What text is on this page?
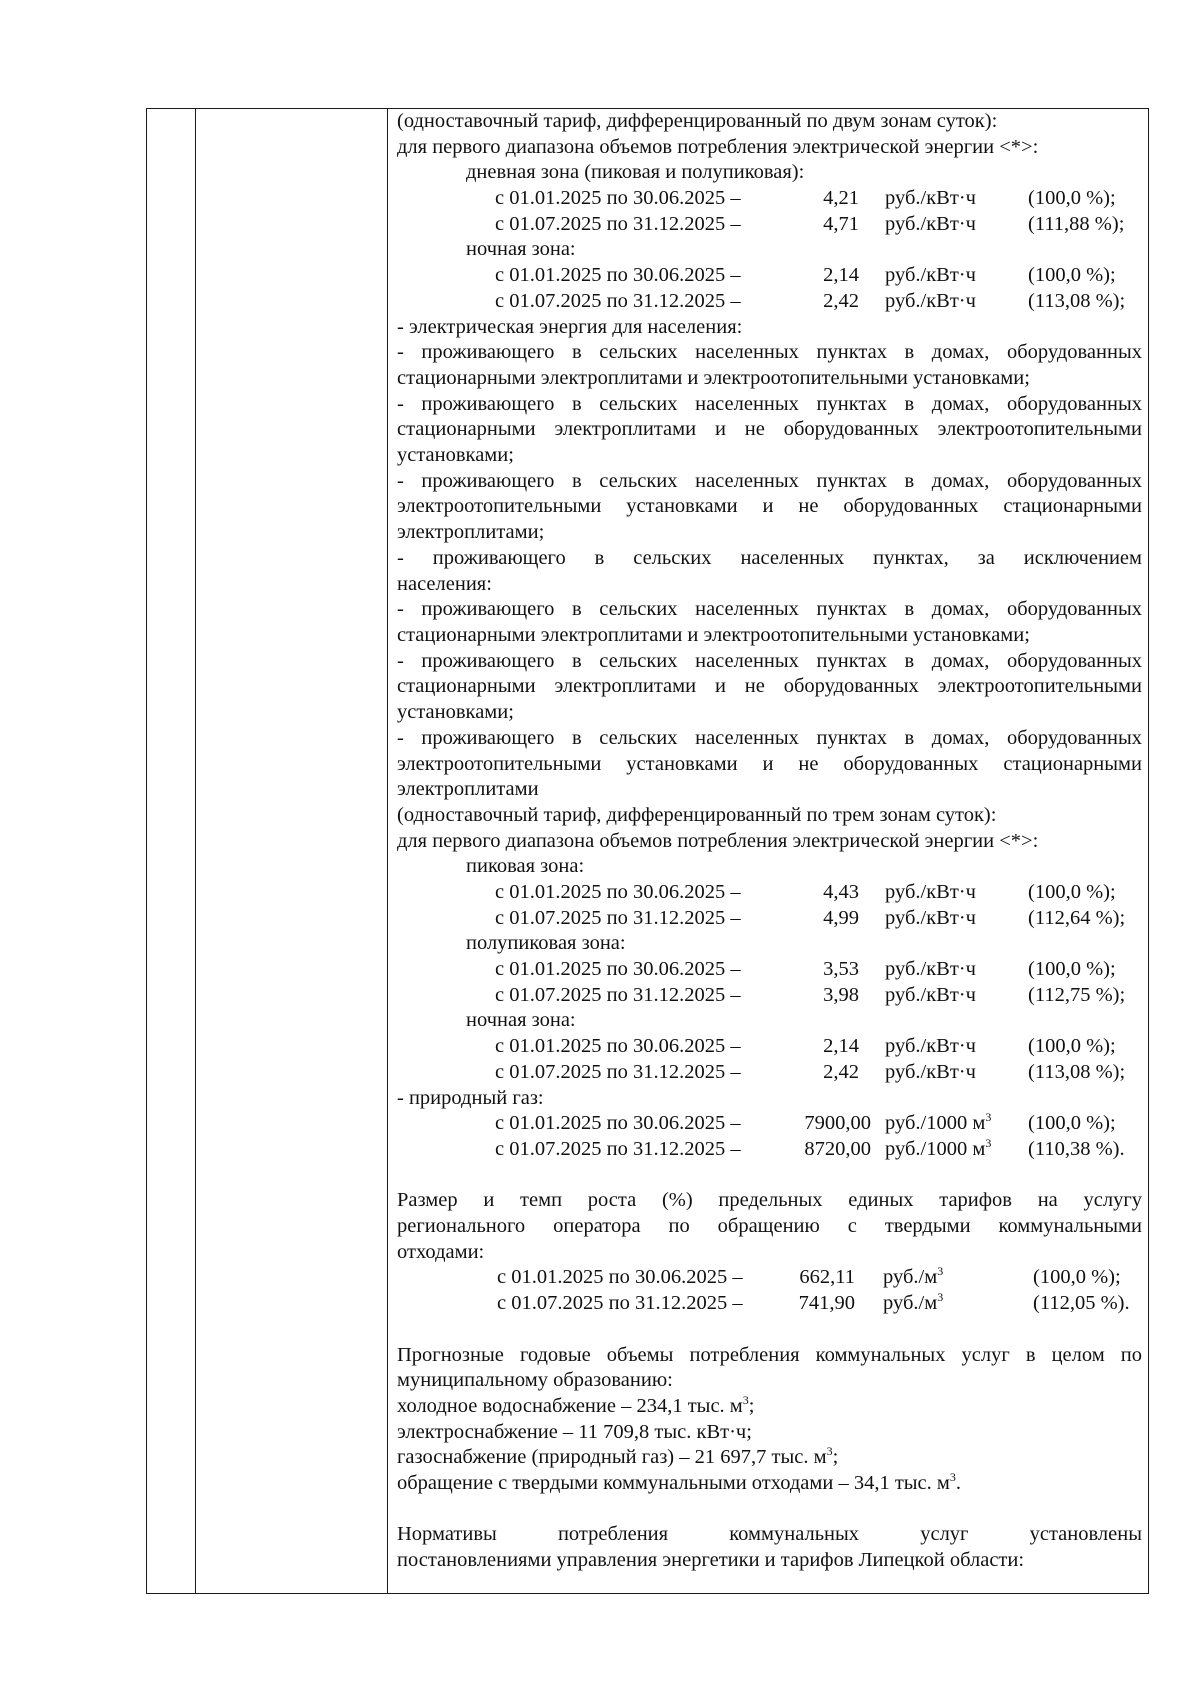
(одноставочный тариф, дифференцированный по двум зонам суток):
для первого диапазона объемов потребления электрической энергии <*>:
дневная зона (пиковая и полупиковая):
с 01.01.2025 по 30.06.2025 –	4,21 руб./кВт·ч	(100,0 %);
с 01.07.2025 по 31.12.2025 –	4,71 руб./кВт·ч	(111,88 %);
ночная зона:
с 01.01.2025 по 30.06.2025 –	2,14 руб./кВт·ч	(100,0 %);
с 01.07.2025 по 31.12.2025 –	2,42 руб./кВт·ч	(113,08 %);
- электрическая энергия для населения:
- проживающего в сельских населенных пунктах в домах, оборудованных
стационарными электроплитами и электроотопительными установками;
- проживающего в сельских населенных пунктах в домах, оборудованных
стационарными электроплитами и не оборудованных электроотопительными
установками;
- проживающего в сельских населенных пунктах в домах, оборудованных
электроотопительными установками и не оборудованных стационарными
электроплитами;
- проживающего в сельских населенных пунктах, за исключением
населения:
- проживающего в сельских населенных пунктах в домах, оборудованных
стационарными электроплитами и электроотопительными установками;
- проживающего в сельских населенных пунктах в домах, оборудованных
стационарными электроплитами и не оборудованных электроотопительными
установками;
- проживающего в сельских населенных пунктах в домах, оборудованных
электроотопительными установками и не оборудованных стационарными
электроплитами
(одноставочный тариф, дифференцированный по трем зонам суток):
для первого диапазона объемов потребления электрической энергии <*>:
пиковая зона:
с 01.01.2025 по 30.06.2025 –	4,43 руб./кВт·ч	(100,0 %);
с 01.07.2025 по 31.12.2025 –	4,99 руб./кВт·ч	(112,64 %);
полупиковая зона:
с 01.01.2025 по 30.06.2025 –	3,53 руб./кВт·ч	(100,0 %);
с 01.07.2025 по 31.12.2025 –	3,98 руб./кВт·ч	(112,75 %);
ночная зона:
с 01.01.2025 по 30.06.2025 –	2,14 руб./кВт·ч	(100,0 %);
с 01.07.2025 по 31.12.2025 –	2,42 руб./кВт·ч	(113,08 %);
- природный газ:
с 01.01.2025 по 30.06.2025 –	7900,00 руб./1000 $м^3$ (100,0 %);
с 01.07.2025 по 31.12.2025 –	8720,00 руб./1000 $м^3$ (110,38 %).
Размер и темп роста (%) предельных единых тарифов на услугу
регионального оператора по обращению с твердыми коммунальными
отходами:
с 01.01.2025 по 30.06.2025 –	662,11 $руб./м^3$	(100,0 %);
с 01.07.2025 по 31.12.2025 –	741,90 $руб./м^3$	(112,05 %).
Прогнозные годовые объемы потребления коммунальных услуг в целом по
муниципальному образованию:
холодное водоснабжение – 234,1 тыс. $м^3$;
электроснабжение – 11 709,8 тыс. кВт·ч;
газоснабжение (природный газ) – 21 697,7 тыс. $м^3$;
обращение с твердыми коммунальными отходами – 34,1 тыс. $м^3$.
Нормативы потребления коммунальных услуг установлены
постановлениями управления энергетики и тарифов Липецкой области:
